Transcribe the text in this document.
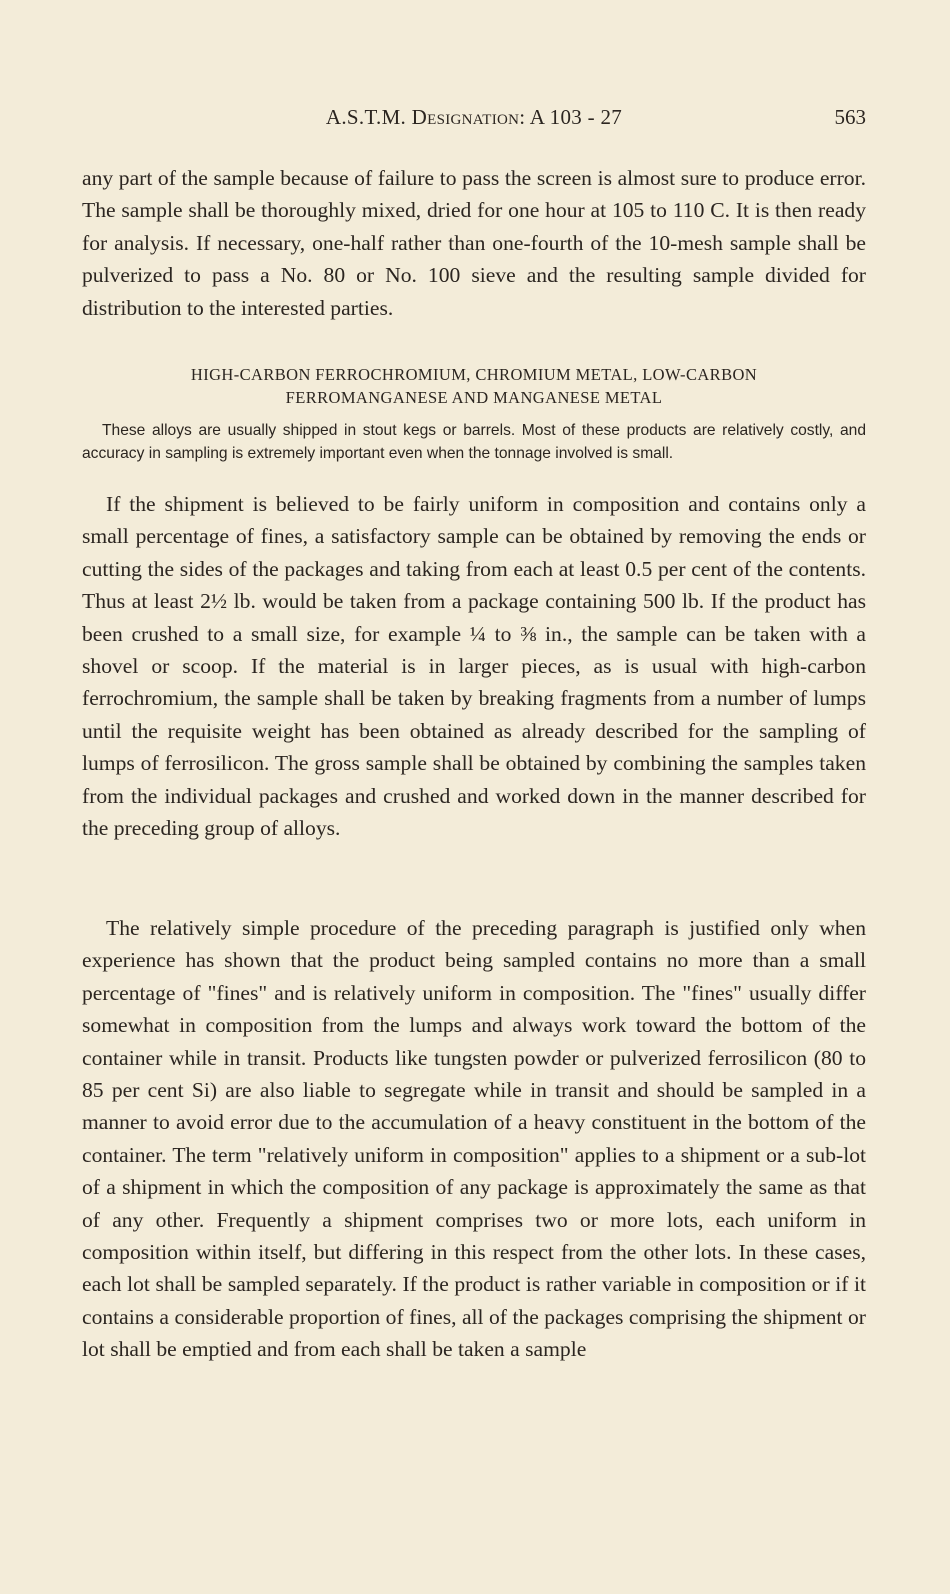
A.S.T.M. Designation: A 103 - 27	563

any part of the sample because of failure to pass the screen is almost sure to produce error. The sample shall be thoroughly mixed, dried for one hour at 105 to 110 C. It is then ready for analysis. If necessary, one-half rather than one-fourth of the 10-mesh sample shall be pulverized to pass a No. 80 or No. 100 sieve and the resulting sample divided for distribution to the interested parties.

HIGH-CARBON FERROCHROMIUM, CHROMIUM METAL, LOW-CARBON
FERROMANGANESE AND MANGANESE METAL

These alloys are usually shipped in stout kegs or barrels. Most of these products are relatively costly, and accuracy in sampling is extremely important even when the tonnage involved is small.

If the shipment is believed to be fairly uniform in composition and contains only a small percentage of fines, a satisfactory sample can be obtained by removing the ends or cutting the sides of the packages and taking from each at least 0.5 per cent of the contents. Thus at least 2½ lb. would be taken from a package containing 500 lb. If the product has been crushed to a small size, for example ¼ to ⅜ in., the sample can be taken with a shovel or scoop. If the material is in larger pieces, as is usual with high-carbon ferrochromium, the sample shall be taken by breaking fragments from a number of lumps until the requisite weight has been obtained as already described for the sampling of lumps of ferrosilicon. The gross sample shall be obtained by combining the samples taken from the individual packages and crushed and worked down in the manner described for the preceding group of alloys.

The relatively simple procedure of the preceding paragraph is justified only when experience has shown that the product being sampled contains no more than a small percentage of "fines" and is relatively uniform in composition. The "fines" usually differ somewhat in composition from the lumps and always work toward the bottom of the container while in transit. Products like tungsten powder or pulverized ferrosilicon (80 to 85 per cent Si) are also liable to segregate while in transit and should be sampled in a manner to avoid error due to the accumulation of a heavy constituent in the bottom of the container. The term "relatively uniform in composition" applies to a shipment or a sub-lot of a shipment in which the composition of any package is approximately the same as that of any other. Frequently a shipment comprises two or more lots, each uniform in composition within itself, but differing in this respect from the other lots. In these cases, each lot shall be sampled separately. If the product is rather variable in composition or if it contains a considerable proportion of fines, all of the packages comprising the shipment or lot shall be emptied and from each shall be taken a sample
